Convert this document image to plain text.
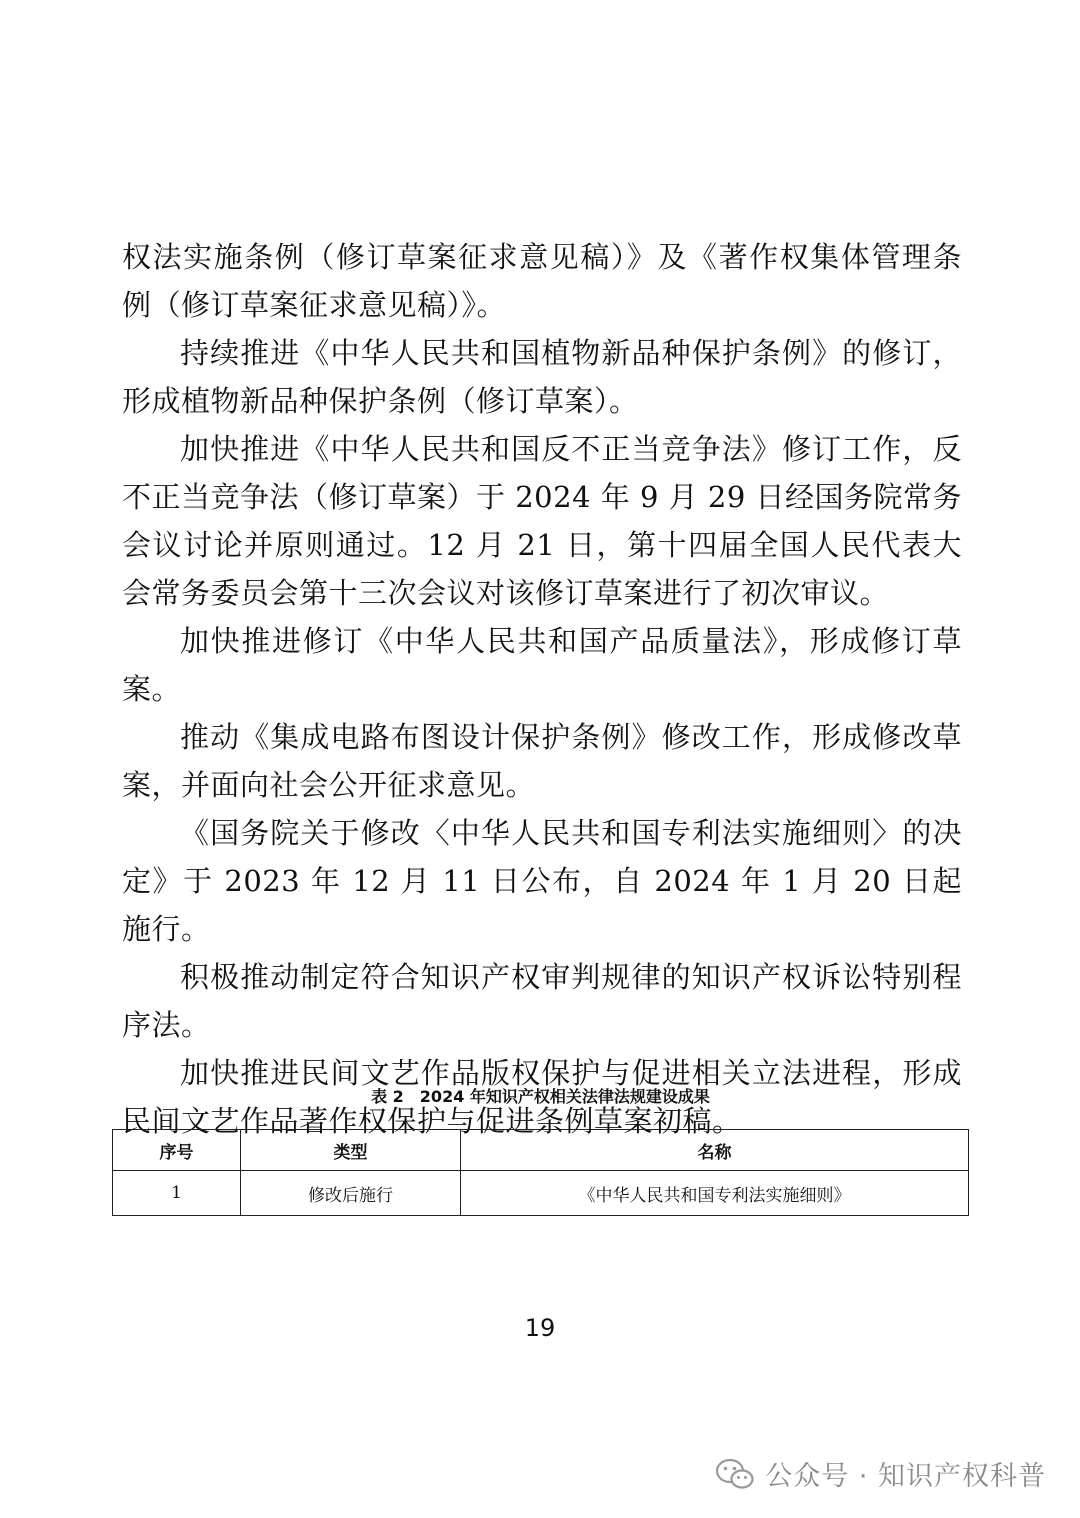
权法实施条例（修订草案征求意见稿）》及《著作权集体管理条例（修订草案征求意见稿）》。

持续推进《中华人民共和国植物新品种保护条例》的修订，形成植物新品种保护条例（修订草案）。

加快推进《中华人民共和国反不正当竞争法》修订工作，反不正当竞争法（修订草案）于 2024 年 9 月 29 日经国务院常务会议讨论并原则通过。12 月 21 日，第十四届全国人民代表大会常务委员会第十三次会议对该修订草案进行了初次审议。

加快推进修订《中华人民共和国产品质量法》，形成修订草案。

推动《集成电路布图设计保护条例》修改工作，形成修改草案，并面向社会公开征求意见。

《国务院关于修改〈中华人民共和国专利法实施细则〉的决定》于 2023 年 12 月 11 日公布，自 2024 年 1 月 20 日起施行。

积极推动制定符合知识产权审判规律的知识产权诉讼特别程序法。

加快推进民间文艺作品版权保护与促进相关立法进程，形成民间文艺作品著作权保护与促进条例草案初稿。

表 2　2024 年知识产权相关法律法规建设成果
序号	类型	名称
1	修改后施行	《中华人民共和国专利法实施细则》
19
公众号 · 知识产权科普
